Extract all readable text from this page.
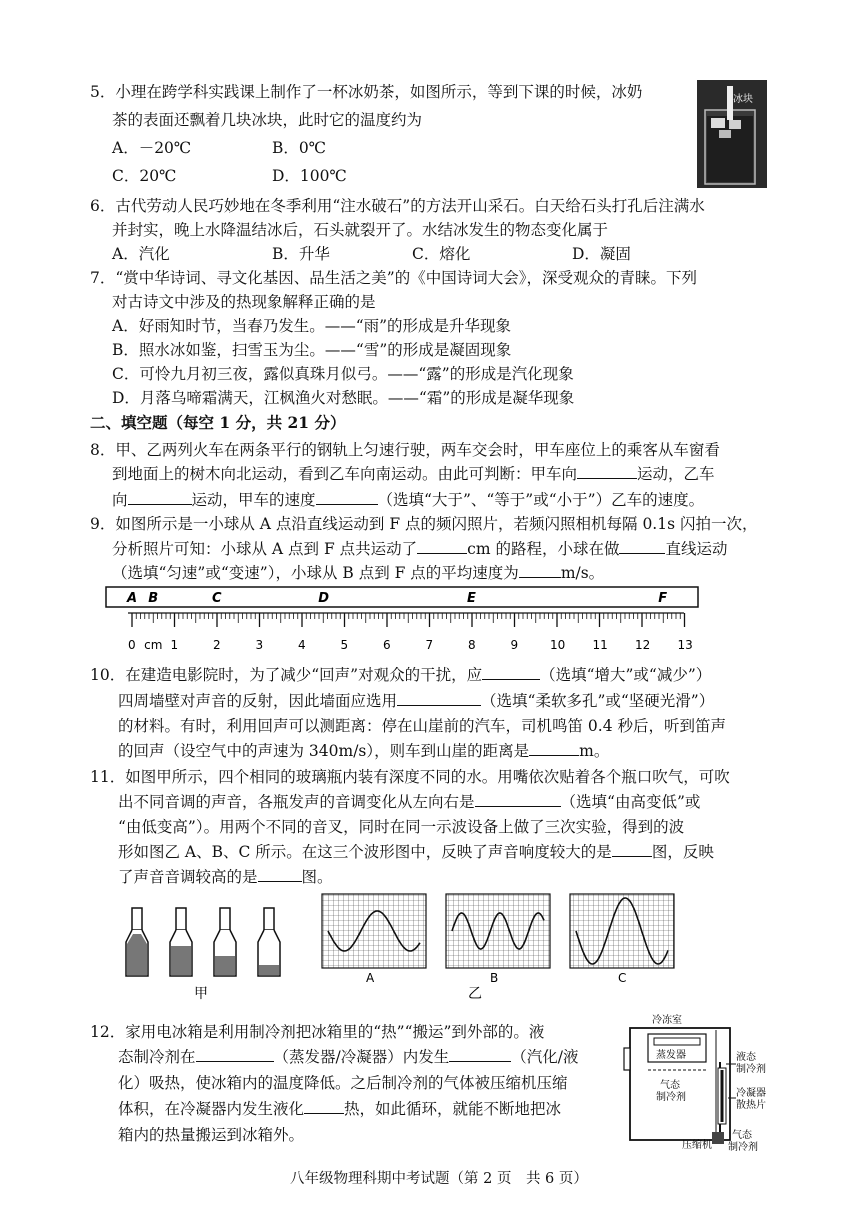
5．小理在跨学科实践课上制作了一杯冰奶茶，如图所示，等到下课的时候，冰奶
茶的表面还飘着几块冰块，此时它的温度约为
A．－20℃	B．0℃
C．20℃	D．100℃
冰块
6．古代劳动人民巧妙地在冬季利用“注水破石”的方法开山采石。白天给石头打孔后注满水
并封实，晚上水降温结冰后，石头就裂开了。水结冰发生的物态变化属于
A．汽化	B．升华	C．熔化	D．凝固
7．“赏中华诗词、寻文化基因、品生活之美”的《中国诗词大会》，深受观众的青睐。下列
对古诗文中涉及的热现象解释正确的是
A．好雨知时节，当春乃发生。——“雨”的形成是升华现象
B．照水冰如鉴，扫雪玉为尘。——“雪”的形成是凝固现象
C．可怜九月初三夜，露似真珠月似弓。——“露”的形成是汽化现象
D．月落乌啼霜满天，江枫渔火对愁眠。——“霜”的形成是凝华现象
二、填空题（每空 1 分，共 21 分）
8．甲、乙两列火车在两条平行的钢轨上匀速行驶，两车交会时，甲车座位上的乘客从车窗看
到地面上的树木向北运动，看到乙车向南运动。由此可判断：甲车向	运动，乙车
向	运动，甲车的速度	（选填“大于”、“等于”或“小于”）乙车的速度。
9．如图所示是一小球从 A 点沿直线运动到 F 点的频闪照片，若频闪照相机每隔 0.1s 闪拍一次，
分析照片可知：小球从 A 点到 F 点共运动了	cm 的路程，小球在做	直线运动
（选填“匀速”或“变速”），小球从 B 点到 F 点的平均速度为	m/s。
A B	C	D	E	F
0 cm 1	2	3	4	5	6	7	8	9	10 11 12 13
10．在建造电影院时，为了减少“回声”对观众的干扰，应	（选填“增大”或“减少”）
四周墙壁对声音的反射，因此墙面应选用	（选填“柔软多孔”或“坚硬光滑”）
的材料。有时，利用回声可以测距离：停在山崖前的汽车，司机鸣笛 0.4 秒后，听到笛声
的回声（设空气中的声速为 340m/s），则车到山崖的距离是	m。
11．如图甲所示，四个相同的玻璃瓶内装有深度不同的水。用嘴依次贴着各个瓶口吹气，可吹
出不同音调的声音，各瓶发声的音调变化从左向右是	（选填“由高变低”或
“由低变高”）。用两个不同的音叉，同时在同一示波设备上做了三次实验，得到的波
形如图乙 A、B、C 所示。在这三个波形图中，反映了声音响度较大的是	图，反映
了声音音调较高的是	图。
甲
A	B
乙
C
12．家用电冰箱是利用制冷剂把冰箱里的“热”“搬运”到外部的。液
态制冷剂在	（蒸发器/冷凝器）内发生	（汽化/液
化）吸热，使冰箱内的温度降低。之后制冷剂的气体被压缩机压缩
体积，在冷凝器内发生液化	热，如此循环，就能不断地把冰
箱内的热量搬运到冰箱外。
冷冻室
蒸发器	液态
制冷剂
气态
制冷剂	冷凝器
散热片
压缩机
气态
制冷剂
八年级物理科期中考试题（第 2 页　共 6 页）
